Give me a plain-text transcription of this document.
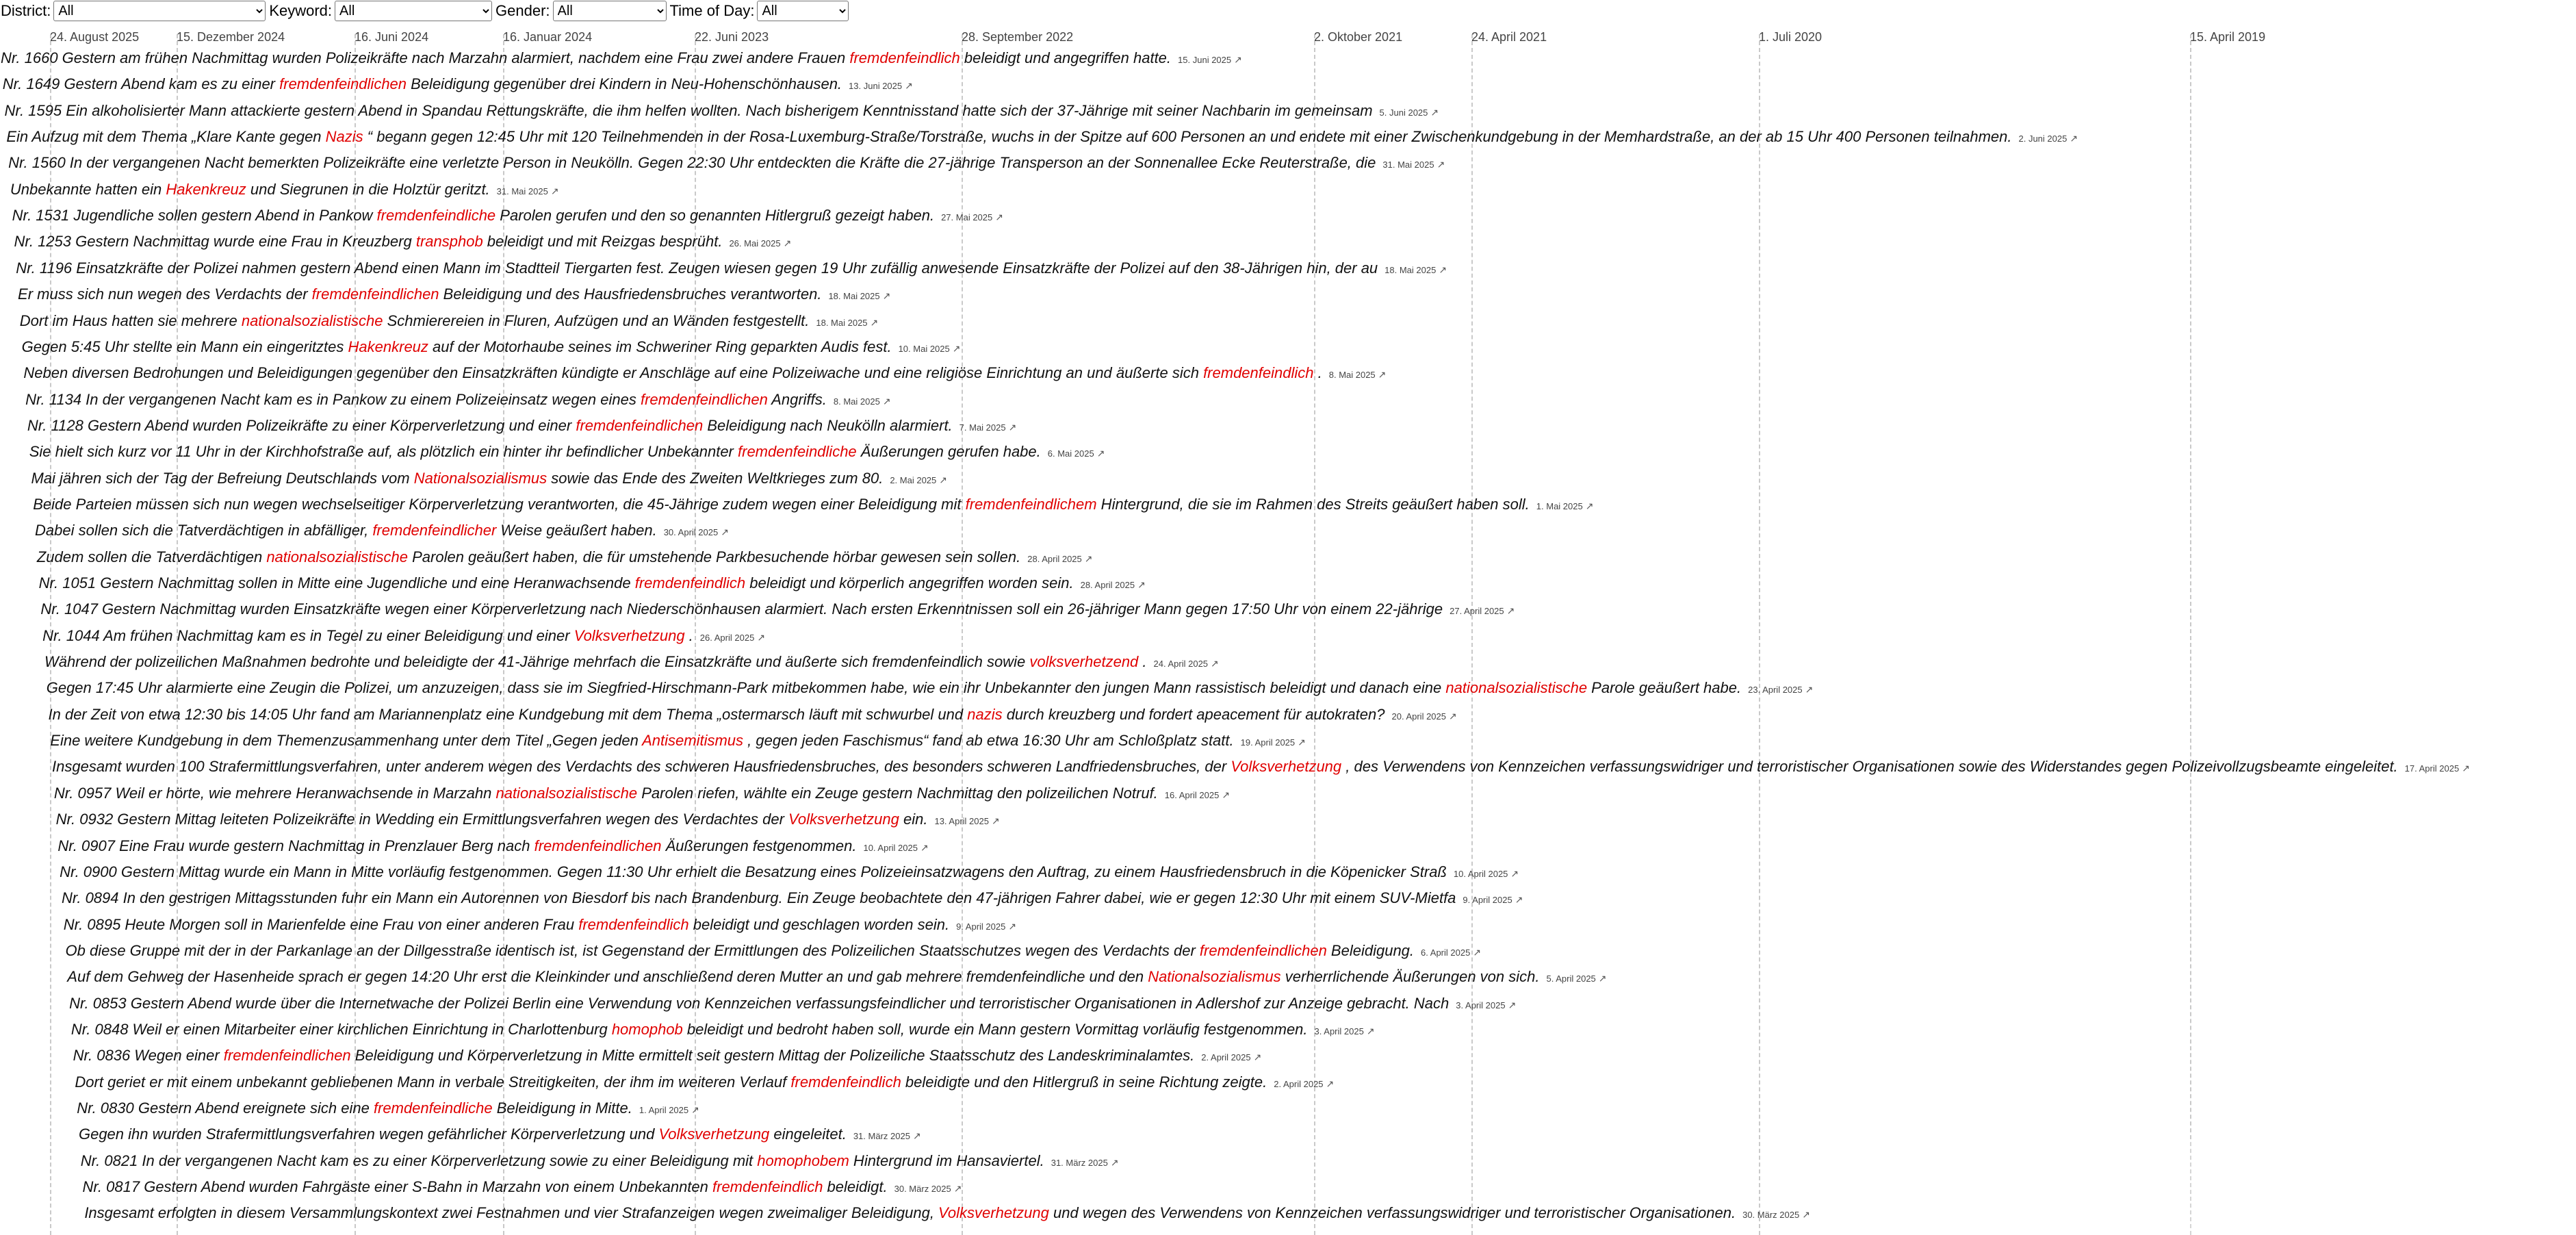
24. August 2025	15. Dezember 2024	16. Juni 2024	16. Januar 2024	22. Juni 2023	28. September 2022	2. Oktober 2021	24. April 2021	1. Juli 2020	15. April 2019
District:
All	Keyword:
All	Gender:
All	Time of Day:
All
Nr. 1660 Gestern am frühen Nachmittag wurden Polizeikräfte nach Marzahn alarmiert, nachdem eine Frau zwei andere Frauen fremdenfeindlich beleidigt und angegriffen hatte. 15. Juni 2025 ↗
Nr. 1649 Gestern Abend kam es zu einer fremdenfeindlichen Beleidigung gegenüber drei Kindern in Neu-Hohenschönhausen. 13. Juni 2025 ↗
Nr. 1595 Ein alkoholisierter Mann attackierte gestern Abend in Spandau Rettungskräfte, die ihm helfen wollten. Nach bisherigem Kenntnisstand hatte sich der 37-Jährige mit seiner Nachbarin im gemeinsam 5. Juni 2025 ↗
Ein Aufzug mit dem Thema „Klare Kante gegen Nazis “ begann gegen 12:45 Uhr mit 120 Teilnehmenden in der Rosa-Luxemburg-Straße/Torstraße, wuchs in der Spitze auf 600 Personen an und endete mit einer Zwischenkundgebung in der Memhardstraße, an der ab 15 Uhr 400 Personen teilnahmen. 2. Juni 2025 ↗
Nr. 1560 In der vergangenen Nacht bemerkten Polizeikräfte eine verletzte Person in Neukölln. Gegen 22:30 Uhr entdeckten die Kräfte die 27-jährige Transperson an der Sonnenallee Ecke Reuterstraße, die 31. Mai 2025 ↗
Unbekannte hatten ein Hakenkreuz und Siegrunen in die Holztür geritzt. 31. Mai 2025 ↗
Nr. 1531 Jugendliche sollen gestern Abend in Pankow fremdenfeindliche Parolen gerufen und den so genannten Hitlergruß gezeigt haben. 27. Mai 2025 ↗
Nr. 1253 Gestern Nachmittag wurde eine Frau in Kreuzberg transphob beleidigt und mit Reizgas besprüht. 26. Mai 2025 ↗
Nr. 1196 Einsatzkräfte der Polizei nahmen gestern Abend einen Mann im Stadtteil Tiergarten fest. Zeugen wiesen gegen 19 Uhr zufällig anwesende Einsatzkräfte der Polizei auf den 38-Jährigen hin, der au 18. Mai 2025 ↗
Er muss sich nun wegen des Verdachts der fremdenfeindlichen Beleidigung und des Hausfriedensbruches verantworten. 18. Mai 2025 ↗
Dort im Haus hatten sie mehrere nationalsozialistische Schmierereien in Fluren, Aufzügen und an Wänden festgestellt. 18. Mai 2025 ↗
Gegen 5:45 Uhr stellte ein Mann ein eingeritztes Hakenkreuz auf der Motorhaube seines im Schweriner Ring geparkten Audis fest. 10. Mai 2025 ↗
Neben diversen Bedrohungen und Beleidigungen gegenüber den Einsatzkräften kündigte er Anschläge auf eine Polizeiwache und eine religiöse Einrichtung an und äußerte sich fremdenfeindlich . 8. Mai 2025 ↗
Nr. 1134 In der vergangenen Nacht kam es in Pankow zu einem Polizeieinsatz wegen eines fremdenfeindlichen Angriffs. 8. Mai 2025 ↗
Nr. 1128 Gestern Abend wurden Polizeikräfte zu einer Körperverletzung und einer fremdenfeindlichen Beleidigung nach Neukölln alarmiert. 7. Mai 2025 ↗
Sie hielt sich kurz vor 11 Uhr in der Kirchhofstraße auf, als plötzlich ein hinter ihr befindlicher Unbekannter fremdenfeindliche Äußerungen gerufen habe. 6. Mai 2025 ↗
Mai jähren sich der Tag der Befreiung Deutschlands vom Nationalsozialismus sowie das Ende des Zweiten Weltkrieges zum 80. 2. Mai 2025 ↗
Beide Parteien müssen sich nun wegen wechselseitiger Körperverletzung verantworten, die 45-Jährige zudem wegen einer Beleidigung mit fremdenfeindlichem Hintergrund, die sie im Rahmen des Streits geäußert haben soll. 1. Mai 2025 ↗
Dabei sollen sich die Tatverdächtigen in abfälliger, fremdenfeindlicher Weise geäußert haben. 30. April 2025 ↗
Zudem sollen die Tatverdächtigen nationalsozialistische Parolen geäußert haben, die für umstehende Parkbesuchende hörbar gewesen sein sollen. 28. April 2025 ↗
Nr. 1051 Gestern Nachmittag sollen in Mitte eine Jugendliche und eine Heranwachsende fremdenfeindlich beleidigt und körperlich angegriffen worden sein. 28. April 2025 ↗
Nr. 1047 Gestern Nachmittag wurden Einsatzkräfte wegen einer Körperverletzung nach Niederschönhausen alarmiert. Nach ersten Erkenntnissen soll ein 26-jähriger Mann gegen 17:50 Uhr von einem 22-jährige 27. April 2025 ↗
Nr. 1044 Am frühen Nachmittag kam es in Tegel zu einer Beleidigung und einer Volksverhetzung . 26. April 2025 ↗
Während der polizeilichen Maßnahmen bedrohte und beleidigte der 41-Jährige mehrfach die Einsatzkräfte und äußerte sich fremdenfeindlich sowie volksverhetzend . 24. April 2025 ↗
Gegen 17:45 Uhr alarmierte eine Zeugin die Polizei, um anzuzeigen, dass sie im Siegfried-Hirschmann-Park mitbekommen habe, wie ein ihr Unbekannter den jungen Mann rassistisch beleidigt und danach eine nationalsozialistische Parole geäußert habe. 23. April 2025 ↗
In der Zeit von etwa 12:30 bis 14:05 Uhr fand am Mariannenplatz eine Kundgebung mit dem Thema „ostermarsch läuft mit schwurbel und nazis durch kreuzberg und fordert apeacement für autokraten? 20. April 2025 ↗
Eine weitere Kundgebung in dem Themenzusammenhang unter dem Titel „Gegen jeden Antisemitismus , gegen jeden Faschismus“ fand ab etwa 16:30 Uhr am Schloßplatz statt. 19. April 2025 ↗
Insgesamt wurden 100 Strafermittlungsverfahren, unter anderem wegen des Verdachts des schweren Hausfriedensbruches, des besonders schweren Landfriedensbruches, der Volksverhetzung , des Verwendens von Kennzeichen verfassungswidriger und terroristischer Organisationen sowie des Widerstandes gegen Polizeivollzugsbeamte eingeleitet. 17. April 2025 ↗
Nr. 0957 Weil er hörte, wie mehrere Heranwachsende in Marzahn nationalsozialistische Parolen riefen, wählte ein Zeuge gestern Nachmittag den polizeilichen Notruf. 16. April 2025 ↗
Nr. 0932 Gestern Mittag leiteten Polizeikräfte in Wedding ein Ermittlungsverfahren wegen des Verdachtes der Volksverhetzung ein. 13. April 2025 ↗
Nr. 0907 Eine Frau wurde gestern Nachmittag in Prenzlauer Berg nach fremdenfeindlichen Äußerungen festgenommen. 10. April 2025 ↗
Nr. 0900 Gestern Mittag wurde ein Mann in Mitte vorläufig festgenommen. Gegen 11:30 Uhr erhielt die Besatzung eines Polizeieinsatzwagens den Auftrag, zu einem Hausfriedensbruch in die Köpenicker Straß 10. April 2025 ↗
Nr. 0894 In den gestrigen Mittagsstunden fuhr ein Mann ein Autorennen von Biesdorf bis nach Brandenburg. Ein Zeuge beobachtete den 47-jährigen Fahrer dabei, wie er gegen 12:30 Uhr mit einem SUV-Mietfa 9. April 2025 ↗
Nr. 0895 Heute Morgen soll in Marienfelde eine Frau von einer anderen Frau fremdenfeindlich beleidigt und geschlagen worden sein. 9. April 2025 ↗
Ob diese Gruppe mit der in der Parkanlage an der Dillgesstraße identisch ist, ist Gegenstand der Ermittlungen des Polizeilichen Staatsschutzes wegen des Verdachts der fremdenfeindlichen Beleidigung. 6. April 2025 ↗
Auf dem Gehweg der Hasenheide sprach er gegen 14:20 Uhr erst die Kleinkinder und anschließend deren Mutter an und gab mehrere fremdenfeindliche und den Nationalsozialismus verherrlichende Äußerungen von sich. 5. April 2025 ↗
Nr. 0853 Gestern Abend wurde über die Internetwache der Polizei Berlin eine Verwendung von Kennzeichen verfassungsfeindlicher und terroristischer Organisationen in Adlershof zur Anzeige gebracht. Nach 3. April 2025 ↗
Nr. 0848 Weil er einen Mitarbeiter einer kirchlichen Einrichtung in Charlottenburg homophob beleidigt und bedroht haben soll, wurde ein Mann gestern Vormittag vorläufig festgenommen. 3. April 2025 ↗
Nr. 0836 Wegen einer fremdenfeindlichen Beleidigung und Körperverletzung in Mitte ermittelt seit gestern Mittag der Polizeiliche Staatsschutz des Landeskriminalamtes. 2. April 2025 ↗
Dort geriet er mit einem unbekannt gebliebenen Mann in verbale Streitigkeiten, der ihm im weiteren Verlauf fremdenfeindlich beleidigte und den Hitlergruß in seine Richtung zeigte. 2. April 2025 ↗
Nr. 0830 Gestern Abend ereignete sich eine fremdenfeindliche Beleidigung in Mitte. 1. April 2025 ↗
Gegen ihn wurden Strafermittlungsverfahren wegen gefährlicher Körperverletzung und Volksverhetzung eingeleitet. 31. März 2025 ↗
Nr. 0821 In der vergangenen Nacht kam es zu einer Körperverletzung sowie zu einer Beleidigung mit homophobem Hintergrund im Hansaviertel. 31. März 2025 ↗
Nr. 0817 Gestern Abend wurden Fahrgäste einer S-Bahn in Marzahn von einem Unbekannten fremdenfeindlich beleidigt. 30. März 2025 ↗
Insgesamt erfolgten in diesem Versammlungskontext zwei Festnahmen und vier Strafanzeigen wegen zweimaliger Beleidigung, Volksverhetzung und wegen des Verwendens von Kennzeichen verfassungswidriger und terroristischer Organisationen. 30. März 2025 ↗
